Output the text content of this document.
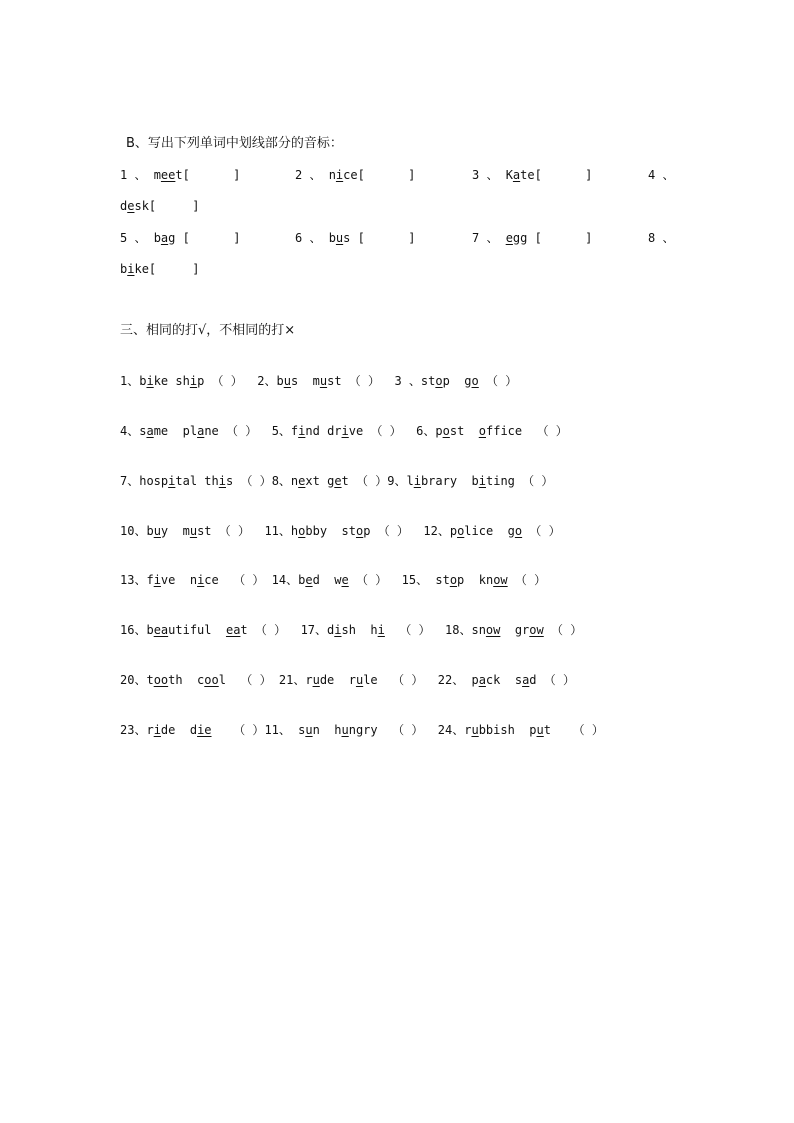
B、写出下列单词中划线部分的音标：
1 、 meet[      ]	2 、 nice[      ]	3 、 Kate[      ]	4 、
desk[     ]
5 、 bag [      ]	6 、 bus [      ]	7 、 egg [      ]	8 、
bike[     ]
三、相同的打√，不相同的打×
1、bike ship （ ）  2、bus  must （ ）  3 、stop  go （ ）
4、same  plane （ ）  5、find drive （ ）  6、post office  （ ）
7、hospital this （ ）8、next get （ ）9、library  biting （ ）
10、buy  must （ ）  11、hobby  stop （ ）  12、police  go （ ）
13、five  nice  （ ） 14、bed  we （ ）  15、 stop  know （ ）
16、beautiful eat （ ）  17、dish  hi  （ ）  18、snow  grow （ ）
20、tooth  cool  （ ） 21、rude  rule  （ ）  22、 pack  sad （ ）
23、ride  die   （ ）11、 sun  hungry  （ ）  24、rubbish  put   （ ）
